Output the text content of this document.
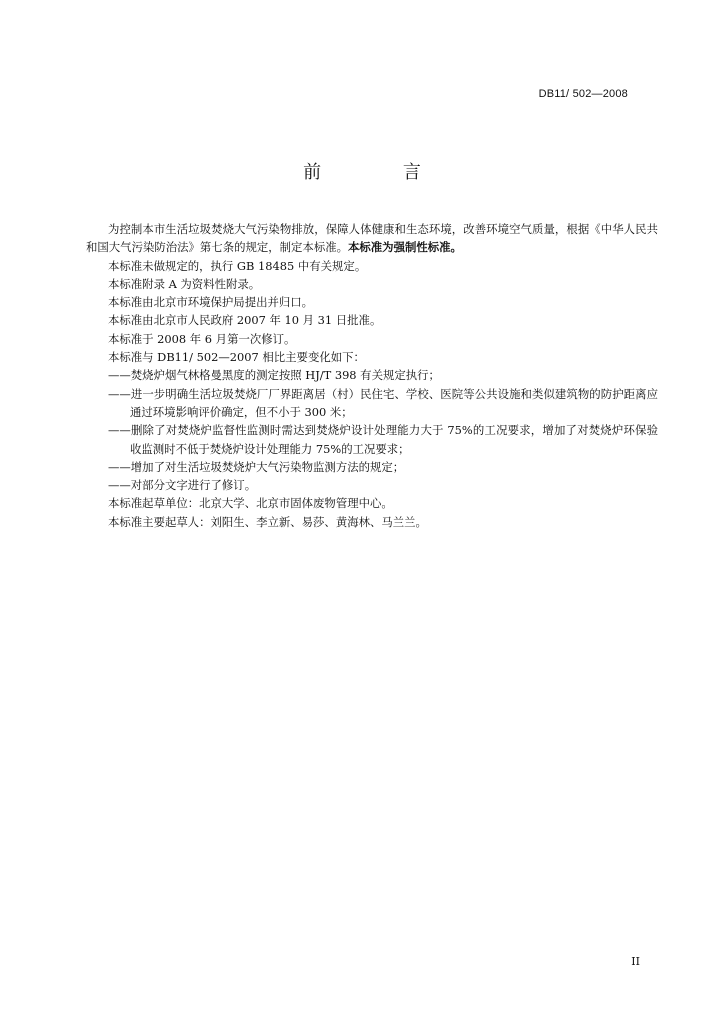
DB11/ 502—2008
前 言

为控制本市生活垃圾焚烧大气污染物排放，保障人体健康和生态环境，改善环境空气质量，根据《中华人民共和国大气污染防治法》第七条的规定，制定本标准。本标准为强制性标准。

本标准未做规定的，执行 GB 18485 中有关规定。

本标准附录 A 为资料性附录。

本标准由北京市环境保护局提出并归口。

本标准由北京市人民政府 2007 年 10 月 31 日批准。

本标准于 2008 年 6 月第一次修订。

本标准与 DB11/ 502—2007 相比主要变化如下：

——焚烧炉烟气林格曼黑度的测定按照 HJ/T 398 有关规定执行；

——进一步明确生活垃圾焚烧厂厂界距离居（村）民住宅、学校、医院等公共设施和类似建筑物的防护距离应通过环境影响评价确定，但不小于 300 米；

——删除了对焚烧炉监督性监测时需达到焚烧炉设计处理能力大于 75%的工况要求，增加了对焚烧炉环保验收监测时不低于焚烧炉设计处理能力 75%的工况要求；

——增加了对生活垃圾焚烧炉大气污染物监测方法的规定；

——对部分文字进行了修订。

本标准起草单位：北京大学、北京市固体废物管理中心。

本标准主要起草人：刘阳生、李立新、易莎、黄海林、马兰兰。

II
